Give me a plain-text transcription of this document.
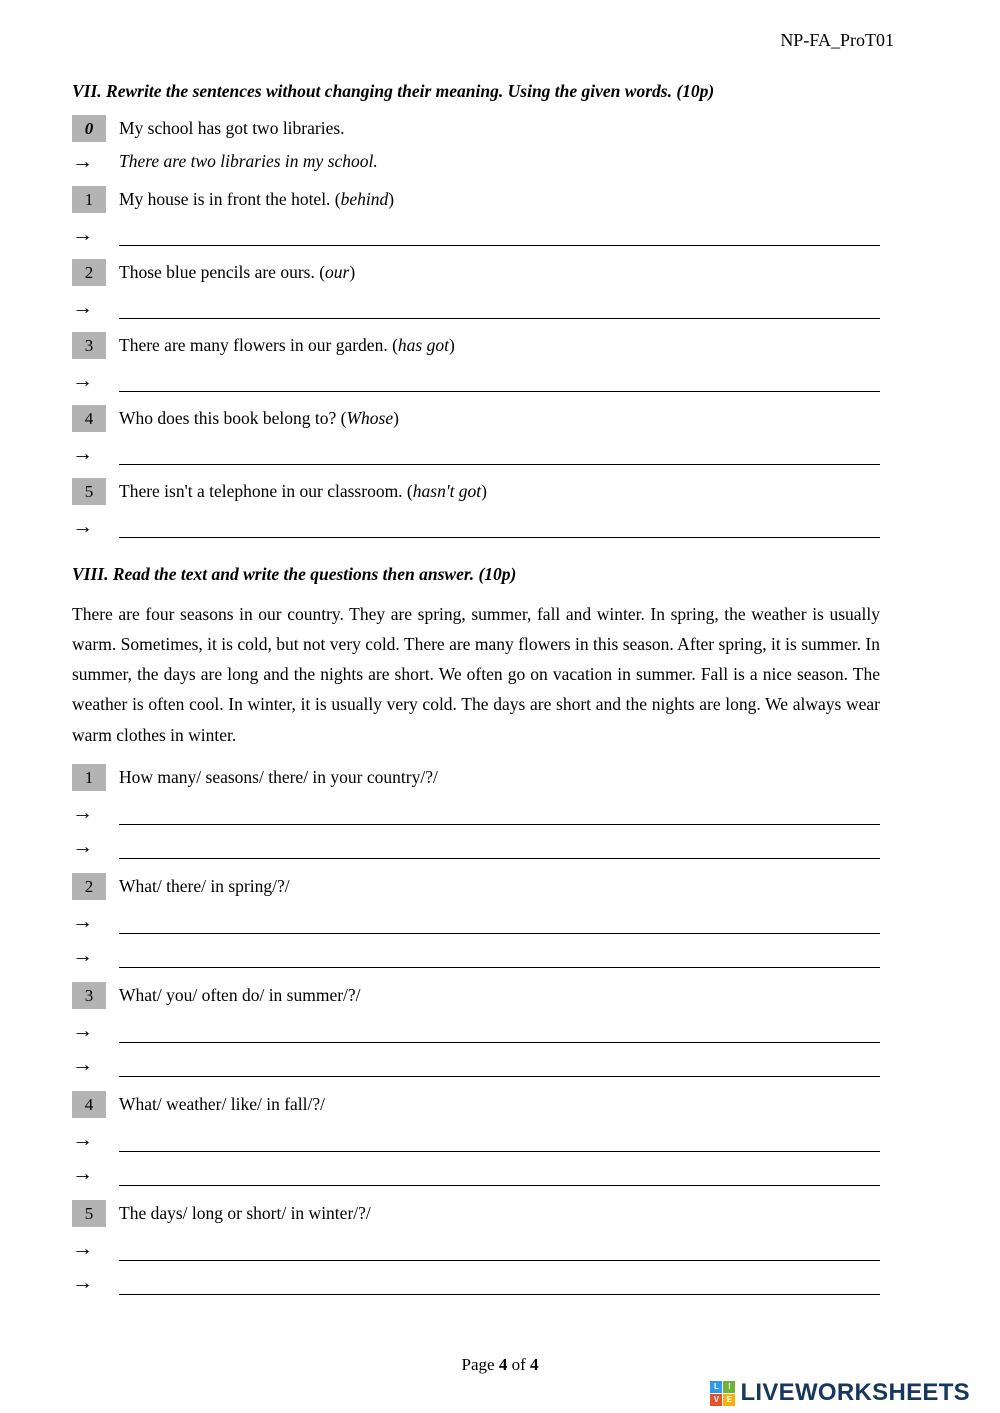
NP-FA_ProT01
VII. Rewrite the sentences without changing their meaning. Using the given words. (10p)
0	My school has got two libraries.
→	There are two libraries in my school.
1	My house is in front the hotel. (behind)
→
2	Those blue pencils are ours. (our)
→
3	There are many flowers in our garden. (has got)
→
4	Who does this book belong to? (Whose)
→
5	There isn't a telephone in our classroom. (hasn't got)
→
VIII. Read the text and write the questions then answer. (10p)
There are four seasons in our country. They are spring, summer, fall and winter. In spring, the weather is usually warm. Sometimes, it is cold, but not very cold. There are many flowers in this season. After spring, it is summer. In summer, the days are long and the nights are short. We often go on vacation in summer. Fall is a nice season. The weather is often cool. In winter, it is usually very cold. The days are short and the nights are long. We always wear warm clothes in winter.
1	How many/ seasons/ there/ in your country/?/
→
→
2	What/ there/ in spring/?/
→
→
3	What/ you/ often do/ in summer/?/
→
→
4	What/ weather/ like/ in fall/?/
→
→
5	The days/ long or short/ in winter/?/
→
→
Page 4 of 4
L	I
V E LIVEWORKSHEETS
